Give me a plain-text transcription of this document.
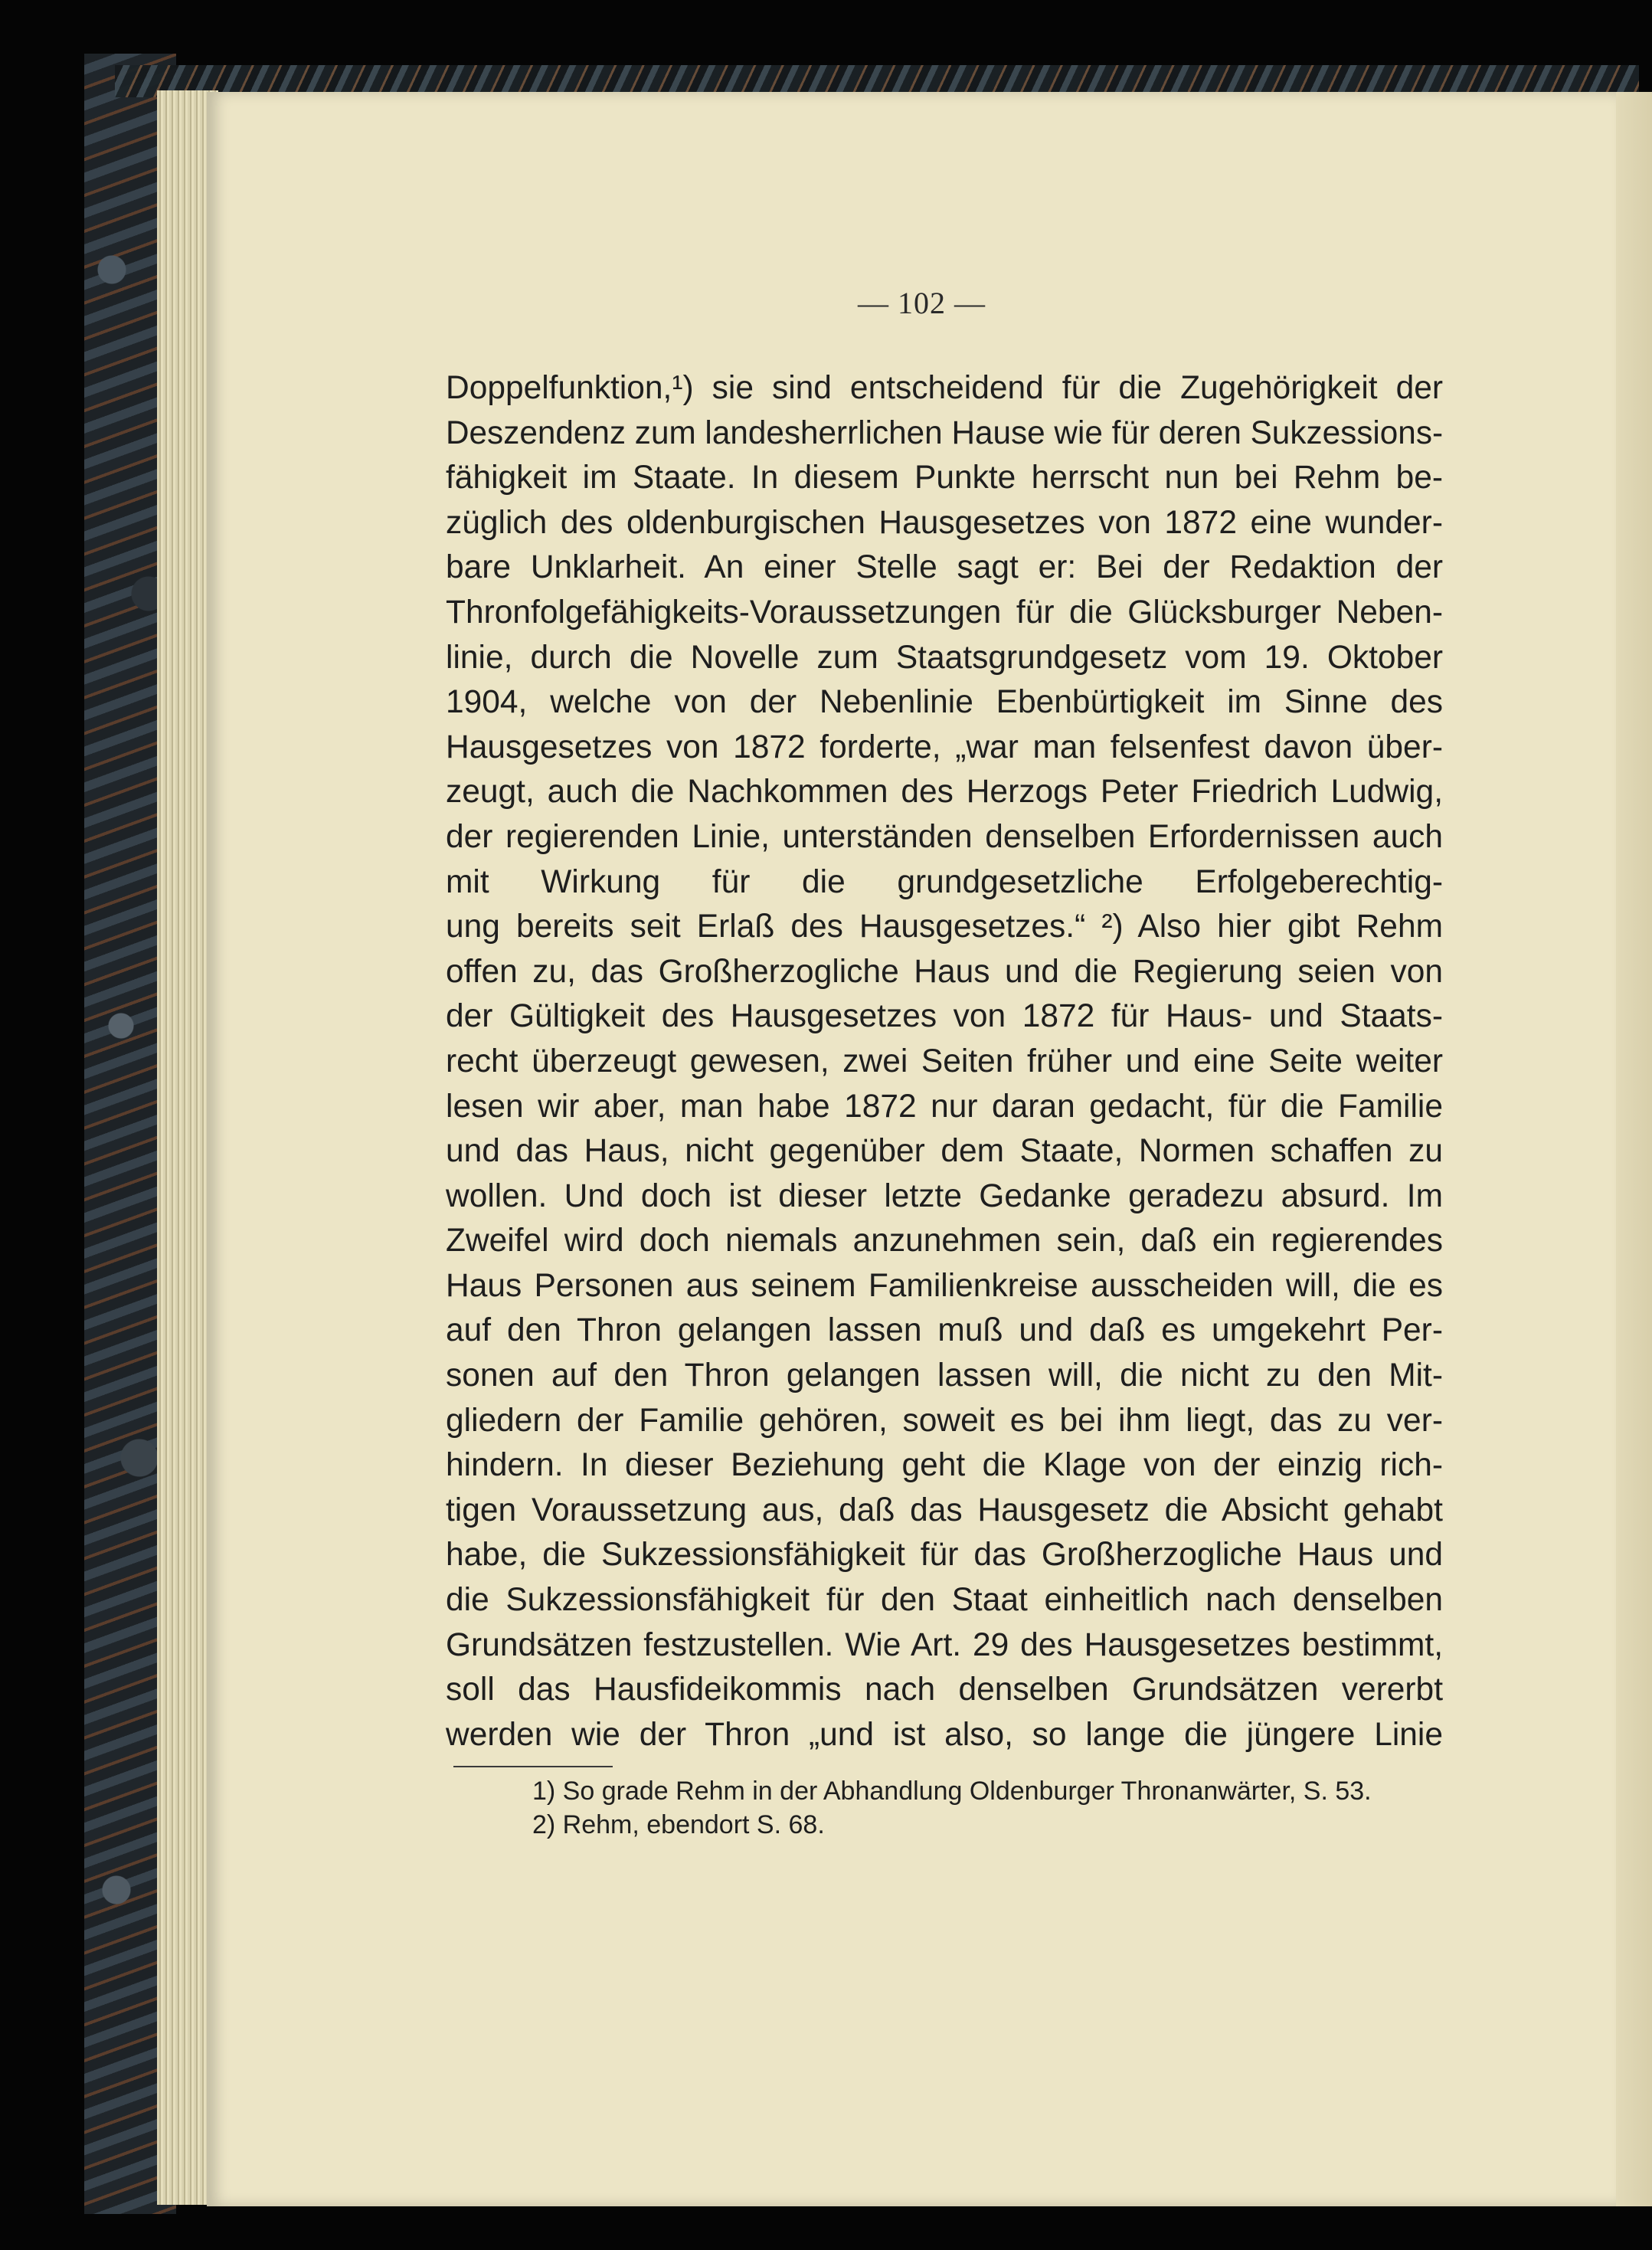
— 102 —
Doppelfunktion,¹) sie sind entscheidend für die Zugehörigkeit der
Deszendenz zum landesherrlichen Hause wie für deren Sukzessions-
fähigkeit im Staate. In diesem Punkte herrscht nun bei Rehm be-
züglich des oldenburgischen Hausgesetzes von 1872 eine wunder-
bare Unklarheit. An einer Stelle sagt er: Bei der Redaktion der
Thronfolgefähigkeits-Voraussetzungen für die Glücksburger Neben-
linie, durch die Novelle zum Staatsgrundgesetz vom 19. Oktober
1904, welche von der Nebenlinie Ebenbürtigkeit im Sinne des
Hausgesetzes von 1872 forderte, „war man felsenfest davon über-
zeugt, auch die Nachkommen des Herzogs Peter Friedrich Ludwig,
der regierenden Linie, unterständen denselben Erfordernissen auch
mit Wirkung für die grundgesetzliche Erfolgeberechtig-
ung bereits seit Erlaß des Hausgesetzes.“ ²) Also hier gibt Rehm
offen zu, das Großherzogliche Haus und die Regierung seien von
der Gültigkeit des Hausgesetzes von 1872 für Haus- und Staats-
recht überzeugt gewesen, zwei Seiten früher und eine Seite weiter
lesen wir aber, man habe 1872 nur daran gedacht, für die Familie
und das Haus, nicht gegenüber dem Staate, Normen schaffen zu
wollen. Und doch ist dieser letzte Gedanke geradezu absurd. Im
Zweifel wird doch niemals anzunehmen sein, daß ein regierendes
Haus Personen aus seinem Familienkreise ausscheiden will, die es
auf den Thron gelangen lassen muß und daß es umgekehrt Per-
sonen auf den Thron gelangen lassen will, die nicht zu den Mit-
gliedern der Familie gehören, soweit es bei ihm liegt, das zu ver-
hindern. In dieser Beziehung geht die Klage von der einzig rich-
tigen Voraussetzung aus, daß das Hausgesetz die Absicht gehabt
habe, die Sukzessionsfähigkeit für das Großherzogliche Haus und
die Sukzessionsfähigkeit für den Staat einheitlich nach denselben
Grundsätzen festzustellen. Wie Art. 29 des Hausgesetzes bestimmt,
soll das Hausfideikommis nach denselben Grundsätzen vererbt
werden wie der Thron „und ist also, so lange die jüngere Linie
1) So grade Rehm in der Abhandlung Oldenburger Thronanwärter, S. 53.
2) Rehm, ebendort S. 68.
